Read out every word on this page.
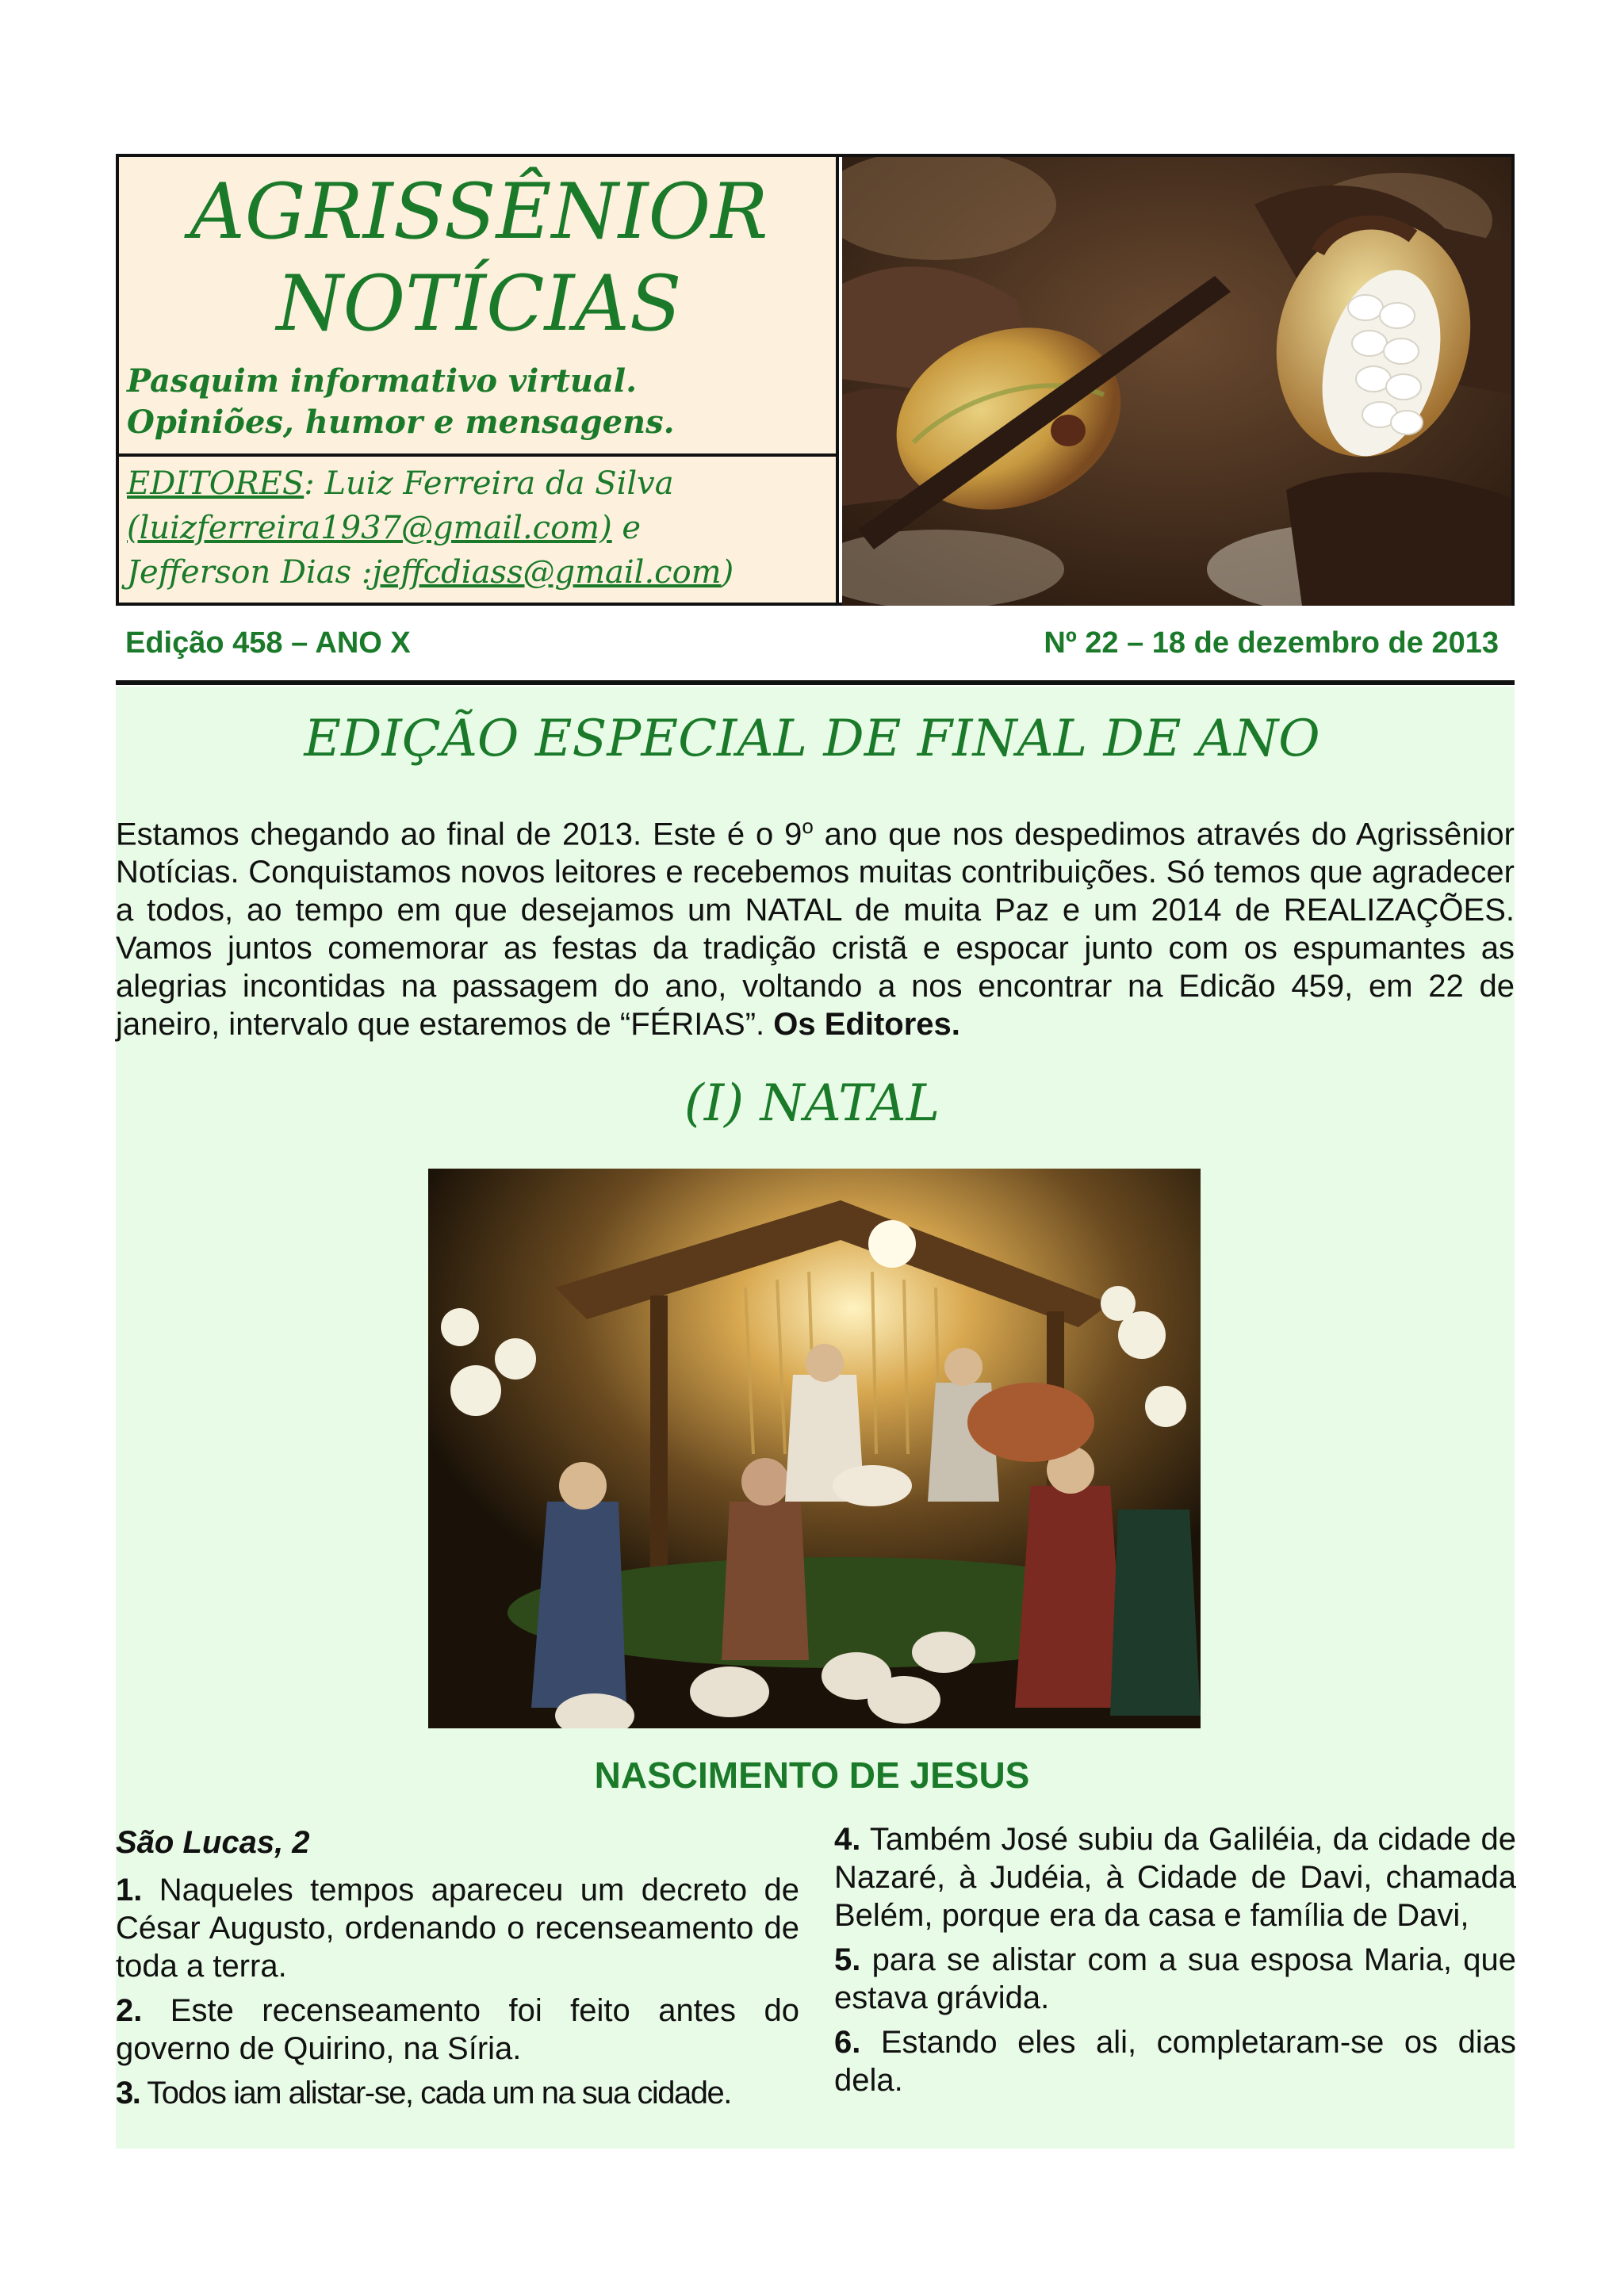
AGRISSÊNIOR
NOTÍCIAS
Pasquim informativo virtual.
Opiniões, humor e mensagens.
EDITORES: Luiz Ferreira da Silva
(luizferreira1937@gmail.com) e
Jefferson Dias :jeffcdiass@gmail.com)
Edição 458 – ANO X	Nº 22 – 18 de dezembro de 2013
EDIÇÃO ESPECIAL DE FINAL DE ANO
Estamos chegando ao final de 2013. Este é o 9$^o$ ano que nos despedimos através do Agrissênior Notícias. Conquistamos novos leitores e recebemos muitas contribuições. Só temos que agradecer a todos, ao tempo em que desejamos um NATAL de muita Paz e um 2014 de REALIZAÇÕES. Vamos juntos comemorar as festas da tradição cristã e espocar junto com os espumantes as alegrias incontidas na passagem do ano, voltando a nos encontrar na Edicão 459, em 22 de janeiro, intervalo que estaremos de “FÉRIAS”. Os Editores.
(I) NATAL
NASCIMENTO DE JESUS

São Lucas, 2

1. Naqueles tempos apareceu um decreto de César Augusto, ordenando o recenseamento de toda a terra.

2. Este recenseamento foi feito antes do governo de Quirino, na Síria.

3. Todos iam alistar-se, cada um na sua cidade.

4. Também José subiu da Galiléia, da cidade de Nazaré, à Judéia, à Cidade de Davi, chamada Belém, porque era da casa e família de Davi,

5. para se alistar com a sua esposa Maria, que estava grávida.

6. Estando eles ali, completaram-se os dias dela.
